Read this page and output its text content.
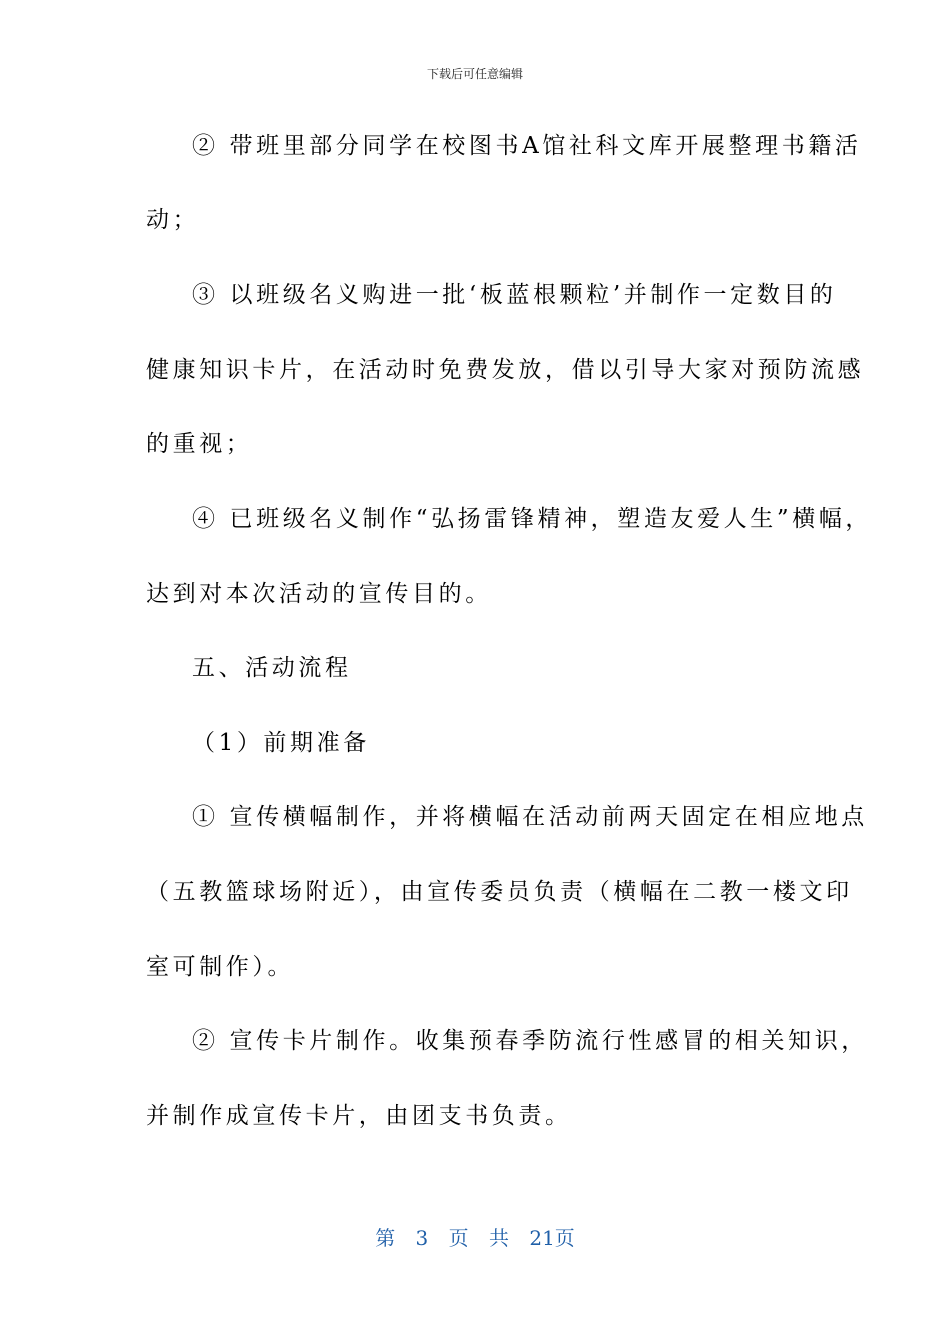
下载后可任意编辑
② 带班里部分同学在校图书A馆社科文库开展整理书籍活
动；
③ 以班级名义购进一批‘板蓝根颗粒’并制作一定数目的
健康知识卡片，在活动时免费发放，借以引导大家对预防流感
的重视；
④ 已班级名义制作“弘扬雷锋精神，塑造友爱人生”横幅，
达到对本次活动的宣传目的。
五、活动流程
（1）前期准备
① 宣传横幅制作，并将横幅在活动前两天固定在相应地点
（五教篮球场附近），由宣传委员负责（横幅在二教一楼文印
室可制作）。
② 宣传卡片制作。收集预春季防流行性感冒的相关知识，
并制作成宣传卡片，由团支书负责。
第 3 页 共 21页
